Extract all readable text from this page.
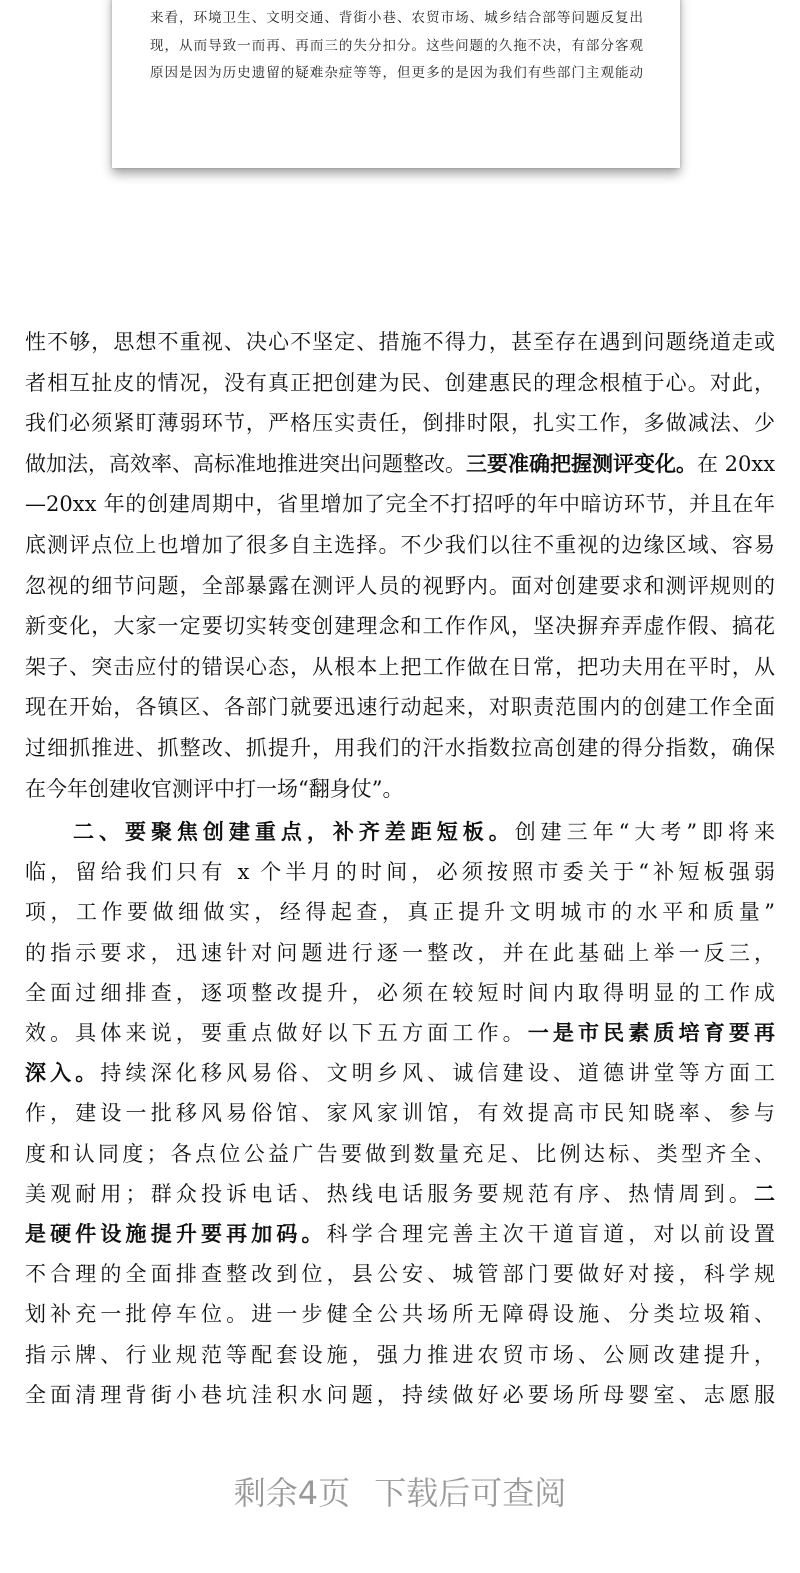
来看，环境卫生、文明交通、背街小巷、农贸市场、城乡结合部等问题反复出
现，从而导致一而再、再而三的失分扣分。这些问题的久拖不决，有部分客观
原因是因为历史遗留的疑难杂症等等，但更多的是因为我们有些部门主观能动
性不够，思想不重视、决心不坚定、措施不得力，甚至存在遇到问题绕道走或
者相互扯皮的情况，没有真正把创建为民、创建惠民的理念根植于心。对此，
我们必须紧盯薄弱环节，严格压实责任，倒排时限，扎实工作，多做减法、少
做加法，高效率、高标准地推进突出问题整改。三要准确把握测评变化。在 20xx
—20xx 年的创建周期中，省里增加了完全不打招呼的年中暗访环节，并且在年
底测评点位上也增加了很多自主选择。不少我们以往不重视的边缘区域、容易
忽视的细节问题，全部暴露在测评人员的视野内。面对创建要求和测评规则的
新变化，大家一定要切实转变创建理念和工作作风，坚决摒弃弄虚作假、搞花
架子、突击应付的错误心态，从根本上把工作做在日常，把功夫用在平时，从
现在开始，各镇区、各部门就要迅速行动起来，对职责范围内的创建工作全面
过细抓推进、抓整改、抓提升，用我们的汗水指数拉高创建的得分指数，确保
在今年创建收官测评中打一场“翻身仗”。
二、要聚焦创建重点，补齐差距短板。创建三年“大考”即将来
临，留给我们只有 x 个半月的时间，必须按照市委关于“补短板强弱
项，工作要做细做实，经得起查，真正提升文明城市的水平和质量”
的指示要求，迅速针对问题进行逐一整改，并在此基础上举一反三，
全面过细排查，逐项整改提升，必须在较短时间内取得明显的工作成
效。具体来说，要重点做好以下五方面工作。一是市民素质培育要再
深入。持续深化移风易俗、文明乡风、诚信建设、道德讲堂等方面工
作，建设一批移风易俗馆、家风家训馆，有效提高市民知晓率、参与
度和认同度；各点位公益广告要做到数量充足、比例达标、类型齐全、
美观耐用；群众投诉电话、热线电话服务要规范有序、热情周到。二
是硬件设施提升要再加码。科学合理完善主次干道盲道，对以前设置
不合理的全面排查整改到位，县公安、城管部门要做好对接，科学规
划补充一批停车位。进一步健全公共场所无障碍设施、分类垃圾箱、
指示牌、行业规范等配套设施，强力推进农贸市场、公厕改建提升，
全面清理背街小巷坑洼积水问题，持续做好必要场所母婴室、志愿服
剩余4页 下载后可查阅
